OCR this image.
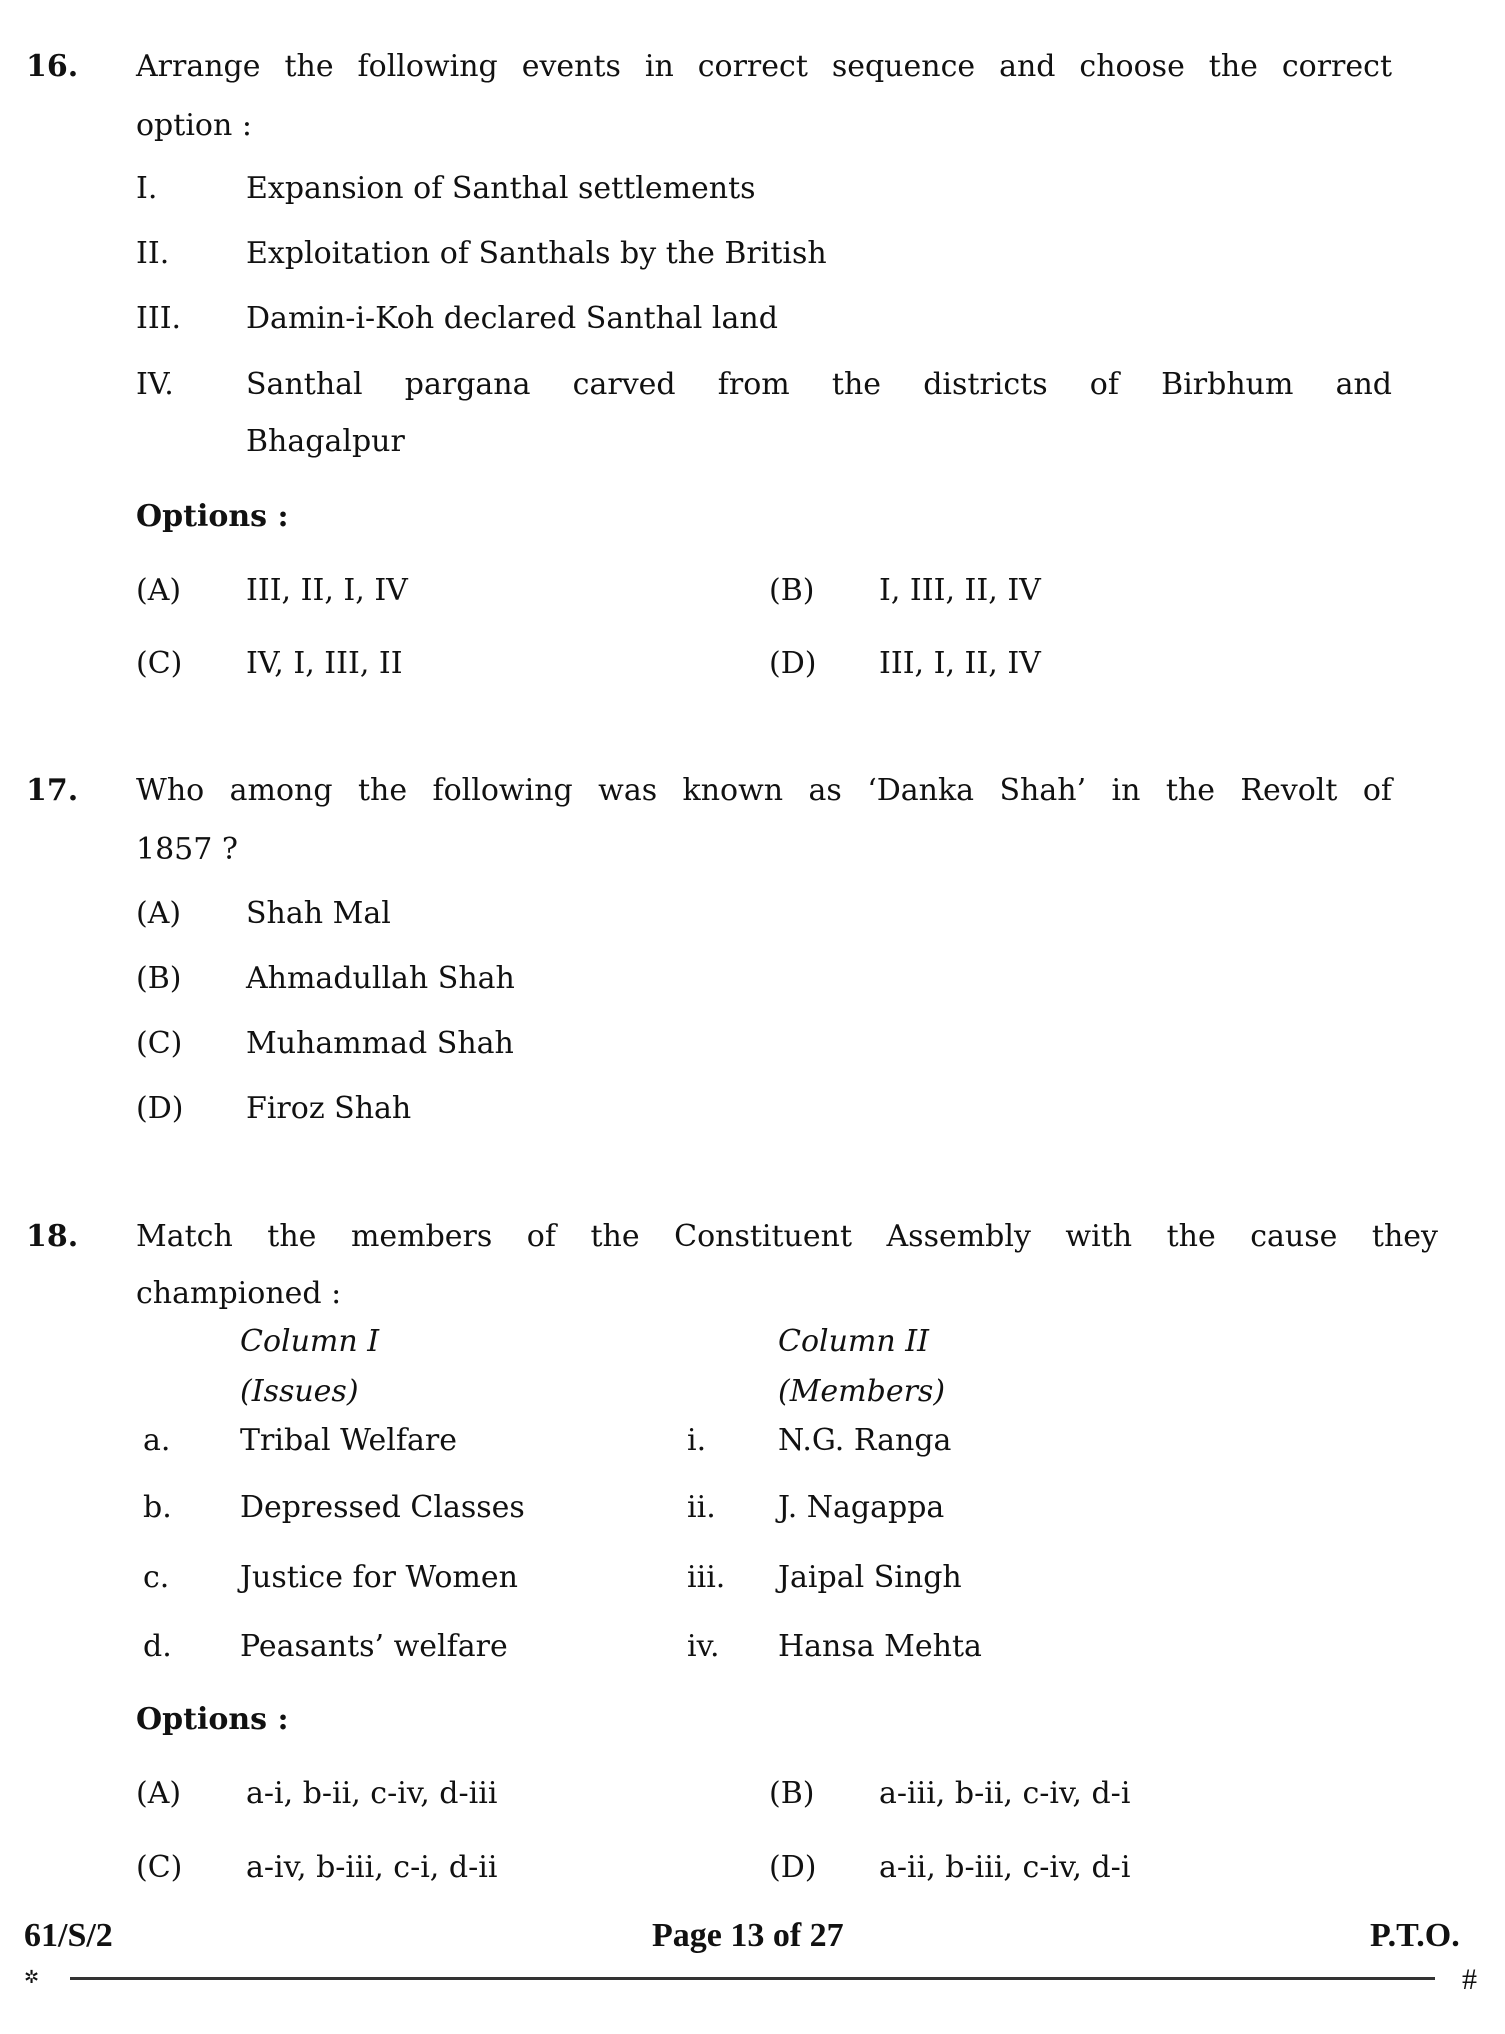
16. Arrange the following events in correct sequence and choose the correct
option :
I.	Expansion of Santhal settlements
II.	Exploitation of Santhals by the British
III. Damin-i-Koh declared Santhal land
IV. Santhal pargana carved from the districts of Birbhum and
Bhagalpur
Options :
(A) III, II, I, IV	(B) I, III, II, IV
(C) IV, I, III, II	(D) III, I, II, IV
17. Who among the following was known as ‘Danka Shah’ in the Revolt of
1857 ?
(A) Shah Mal
(B) Ahmadullah Shah
(C) Muhammad Shah
(D) Firoz Shah
18. Match the members of the Constituent Assembly with the cause they
championed :
Column I
(Issues)
Column II
(Members)
a. Tribal Welfare	i. N.G. Ranga
b. Depressed Classes	ii. J. Nagappa
c. Justice for Women	iii. Jaipal Singh
d. Peasants’ welfare	iv. Hansa Mehta
Options :
(A) a-i, b-ii, c-iv, d-iii	(B) a-iii, b-ii, c-iv, d-i
(C) a-iv, b-iii, c-i, d-ii	(D) a-ii, b-iii, c-iv, d-i
61/S/2	Page 13 of 27	P.T.O.
✲	#
